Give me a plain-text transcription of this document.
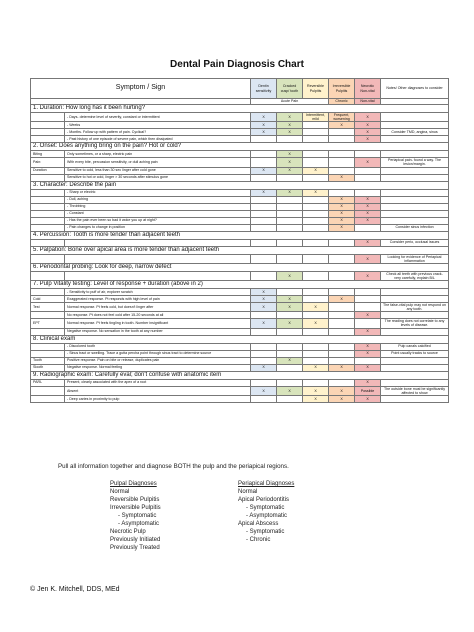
Dental Pain Diagnosis Chart
Symptom / Sign		Dentin sensitivity	Cracked cusp/ tooth	Reversible Pulpitis	Irreversible Pulpitis	Necrotic Non-vital	Notes/ Other diagnoses to consider
		Acute Pain			Chronic	Non-vital	
1. Duration: How long has it been hurting?							
	- Days- determine level of severity, constant or intermittent	X	X	Intermittent, mild	Frequent, worsening	X	
	- Weeks	X	X		X	X	
	- Months. Follow up with pattern of pain. Cyclical?	X	X			X	Consider TMD, angina, sinus
	- Past history of one episode of severe pain, which then dissipated					X	
2. Onset: Does anything bring on the pain? Hot or cold?							
Biting	Only sometimes, or a sharp, electric pain		X				
Pain:	With every bite, percussion sensitivity, or dull aching pain		X			X	Periapical pain- found a way. The lesion/margin.
Duration	Sensitive to cold, less than 30 sec linger after cold gone	X	X	X			
	Sensitive to hot or cold, linger > 30 seconds after stimulus gone				X		
3. Character: Describe the pain							
	- Sharp or electric	X	X	X			
	- Dull, aching				X	X	
	- Throbbing				X	X	
	- Constant				X	X	
	- Has the pain ever been so bad it woke you up at night?				X	X	
	- Pain changes to change in position				X		Consider sinus infection
4. Percussion: Tooth is more tender than adjacent teeth							
						X	Consider perio, occlusal issues
5. Palpation: Bone over apical area is more tender than adjacent teeth							
						X	Looking for evidence of Periapical inflammation
6. Periodontal probing: Look for deep, narrow defect							
			X			X	Check all teeth with previous crack-very carefully, explain B/L
7. Pulp Vitality testing: Level of response + duration (above in 2)							
	- Sensitivity to puff of air, explorer scratch	X					
Cold	Exaggerated response. Pt responds with high level of pain	X	X		X		
Test	Normal response. Pt feels cold, but doesn't linger after	X	X	X			The false-vital pulp may not respond on any tooth.
	No response. Pt does not feel cold after 15-20 seconds at all					X	
EPT	Normal response. Pt feels tingling in tooth. Number insignificant	X	X	X			The reading does not correlate to any levels of disease.
	Negative response. No sensation in the tooth at any number					X	
8. Clinical exam							
	- Discolored tooth					X	Pulp canals calcified
	- Sinus tract or swelling. Trace a gutta percha point through sinus tract to determine source					X	Point usually tracks to source
Tooth	Positive response. Pain on bite or release, duplicates pain		X				
Slooth	Negative response. Normal feeling	X		X	X	X	
9. Radiographic exam: Carefully eval; don't confuse with anatomic item							
PARL	Present, clearly associated with the apex of a root					X	
	Absent	X	X	X	X	Possible	The outside bone must be significantly affected to show
	- Deep caries in proximity to pulp			X	X	X	
Pull all information together and diagnose BOTH the pulp and the periapical regions.
Pulpal Diagnoses
Normal
Reversible Pulpitis
Irreversible Pulpitis
- Symptomatic
- Asymptomatic
Necrotic Pulp
Previously Initiated
Previously Treated
Periapical Diagnoses
Normal
Apical Periodontitis
- Symptomatic
- Asymptomatic
Apical Abscess
- Symptomatic
- Chronic
© Jen K. Mitchell, DDS, MEd
